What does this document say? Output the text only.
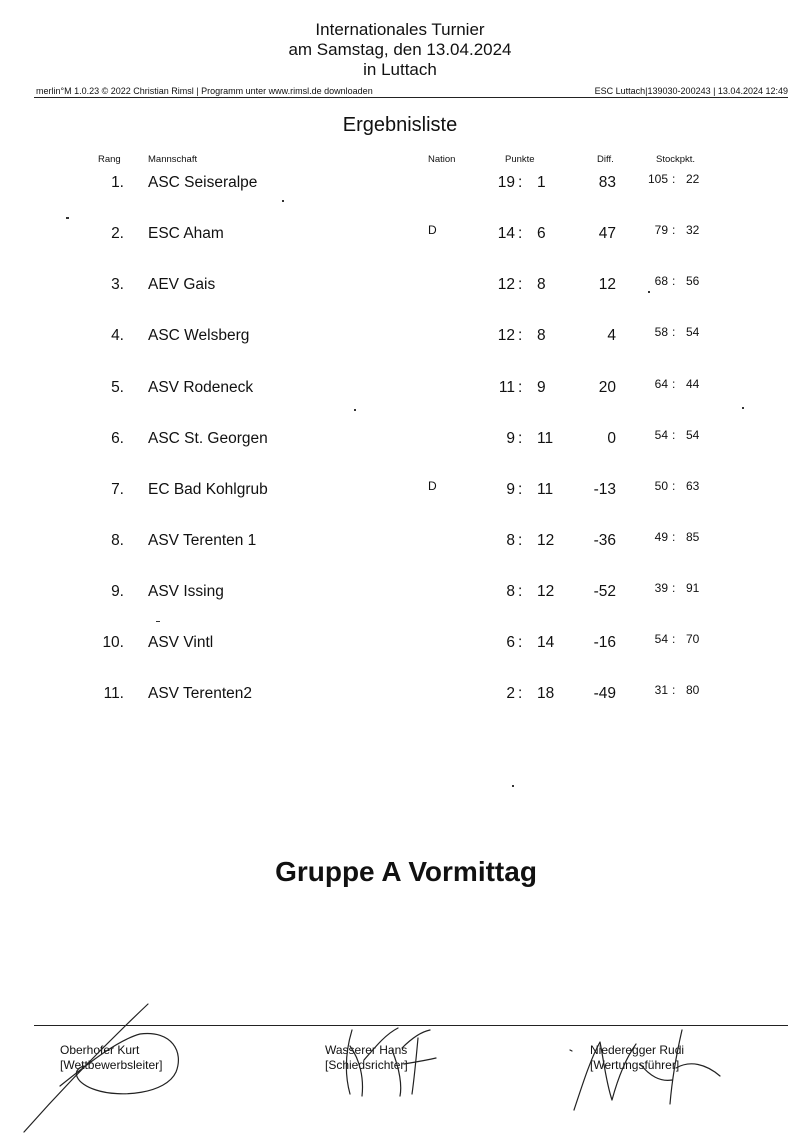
Internationales Turnier
am Samstag, den 13.04.2024
in Luttach
merlin°M 1.0.23 © 2022 Christian Rimsl | Programm unter www.rimsl.de downloaden	ESC Luttach|139030-200243 | 13.04.2024 12:49
Ergebnisliste
Rang	Mannschaft	Nation	Punkte	Diff.	Stockpkt.
1. ASC Seiseralpe	19 : 1	83	105 : 22
2. ESC Aham	D	14 : 6	47	79 : 32
3. AEV Gais	12 : 8	12	68 : 56
4. ASC Welsberg	12 : 8	4	58 : 54
5. ASV Rodeneck	11 : 9	20	64 : 44
6. ASC St. Georgen	9 : 11	0	54 : 54
7. EC Bad Kohlgrub	D	9 : 11	-13	50 : 63
8. ASV Terenten 1	8 : 12	-36	49 : 85
9. ASV Issing	8 : 12	-52	39 : 91
10. ASV Vintl	6 : 14	-16	54 : 70
11. ASV Terenten2	2 : 18	-49	31 : 80
Gruppe A Vormittag
Oberhofer Kurt
[Wettbewerbsleiter]
Wasserer Hans
[Schiedsrichter]
Niederegger Rudi
[Wertungsführer]
